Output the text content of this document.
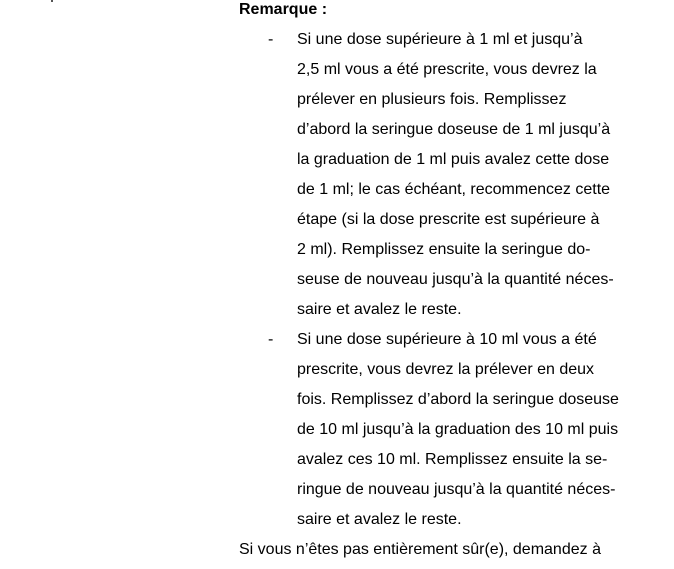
Remarque :
- Si une dose supérieure à 1 ml et jusqu’à
2,5 ml vous a été prescrite, vous devrez la
prélever en plusieurs fois. Remplissez
d’abord la seringue doseuse de 1 ml jusqu’à
la graduation de 1 ml puis avalez cette dose
de 1 ml; le cas échéant, recommencez cette
étape (si la dose prescrite est supérieure à
2 ml). Remplissez ensuite la seringue do-
seuse de nouveau jusqu’à la quantité néces-
saire et avalez le reste.
- Si une dose supérieure à 10 ml vous a été
prescrite, vous devrez la prélever en deux
fois. Remplissez d’abord la seringue doseuse
de 10 ml jusqu’à la graduation des 10 ml puis
avalez ces 10 ml. Remplissez ensuite la se-
ringue de nouveau jusqu’à la quantité néces-
saire et avalez le reste.
Si vous n’êtes pas entièrement sûr(e), demandez à
